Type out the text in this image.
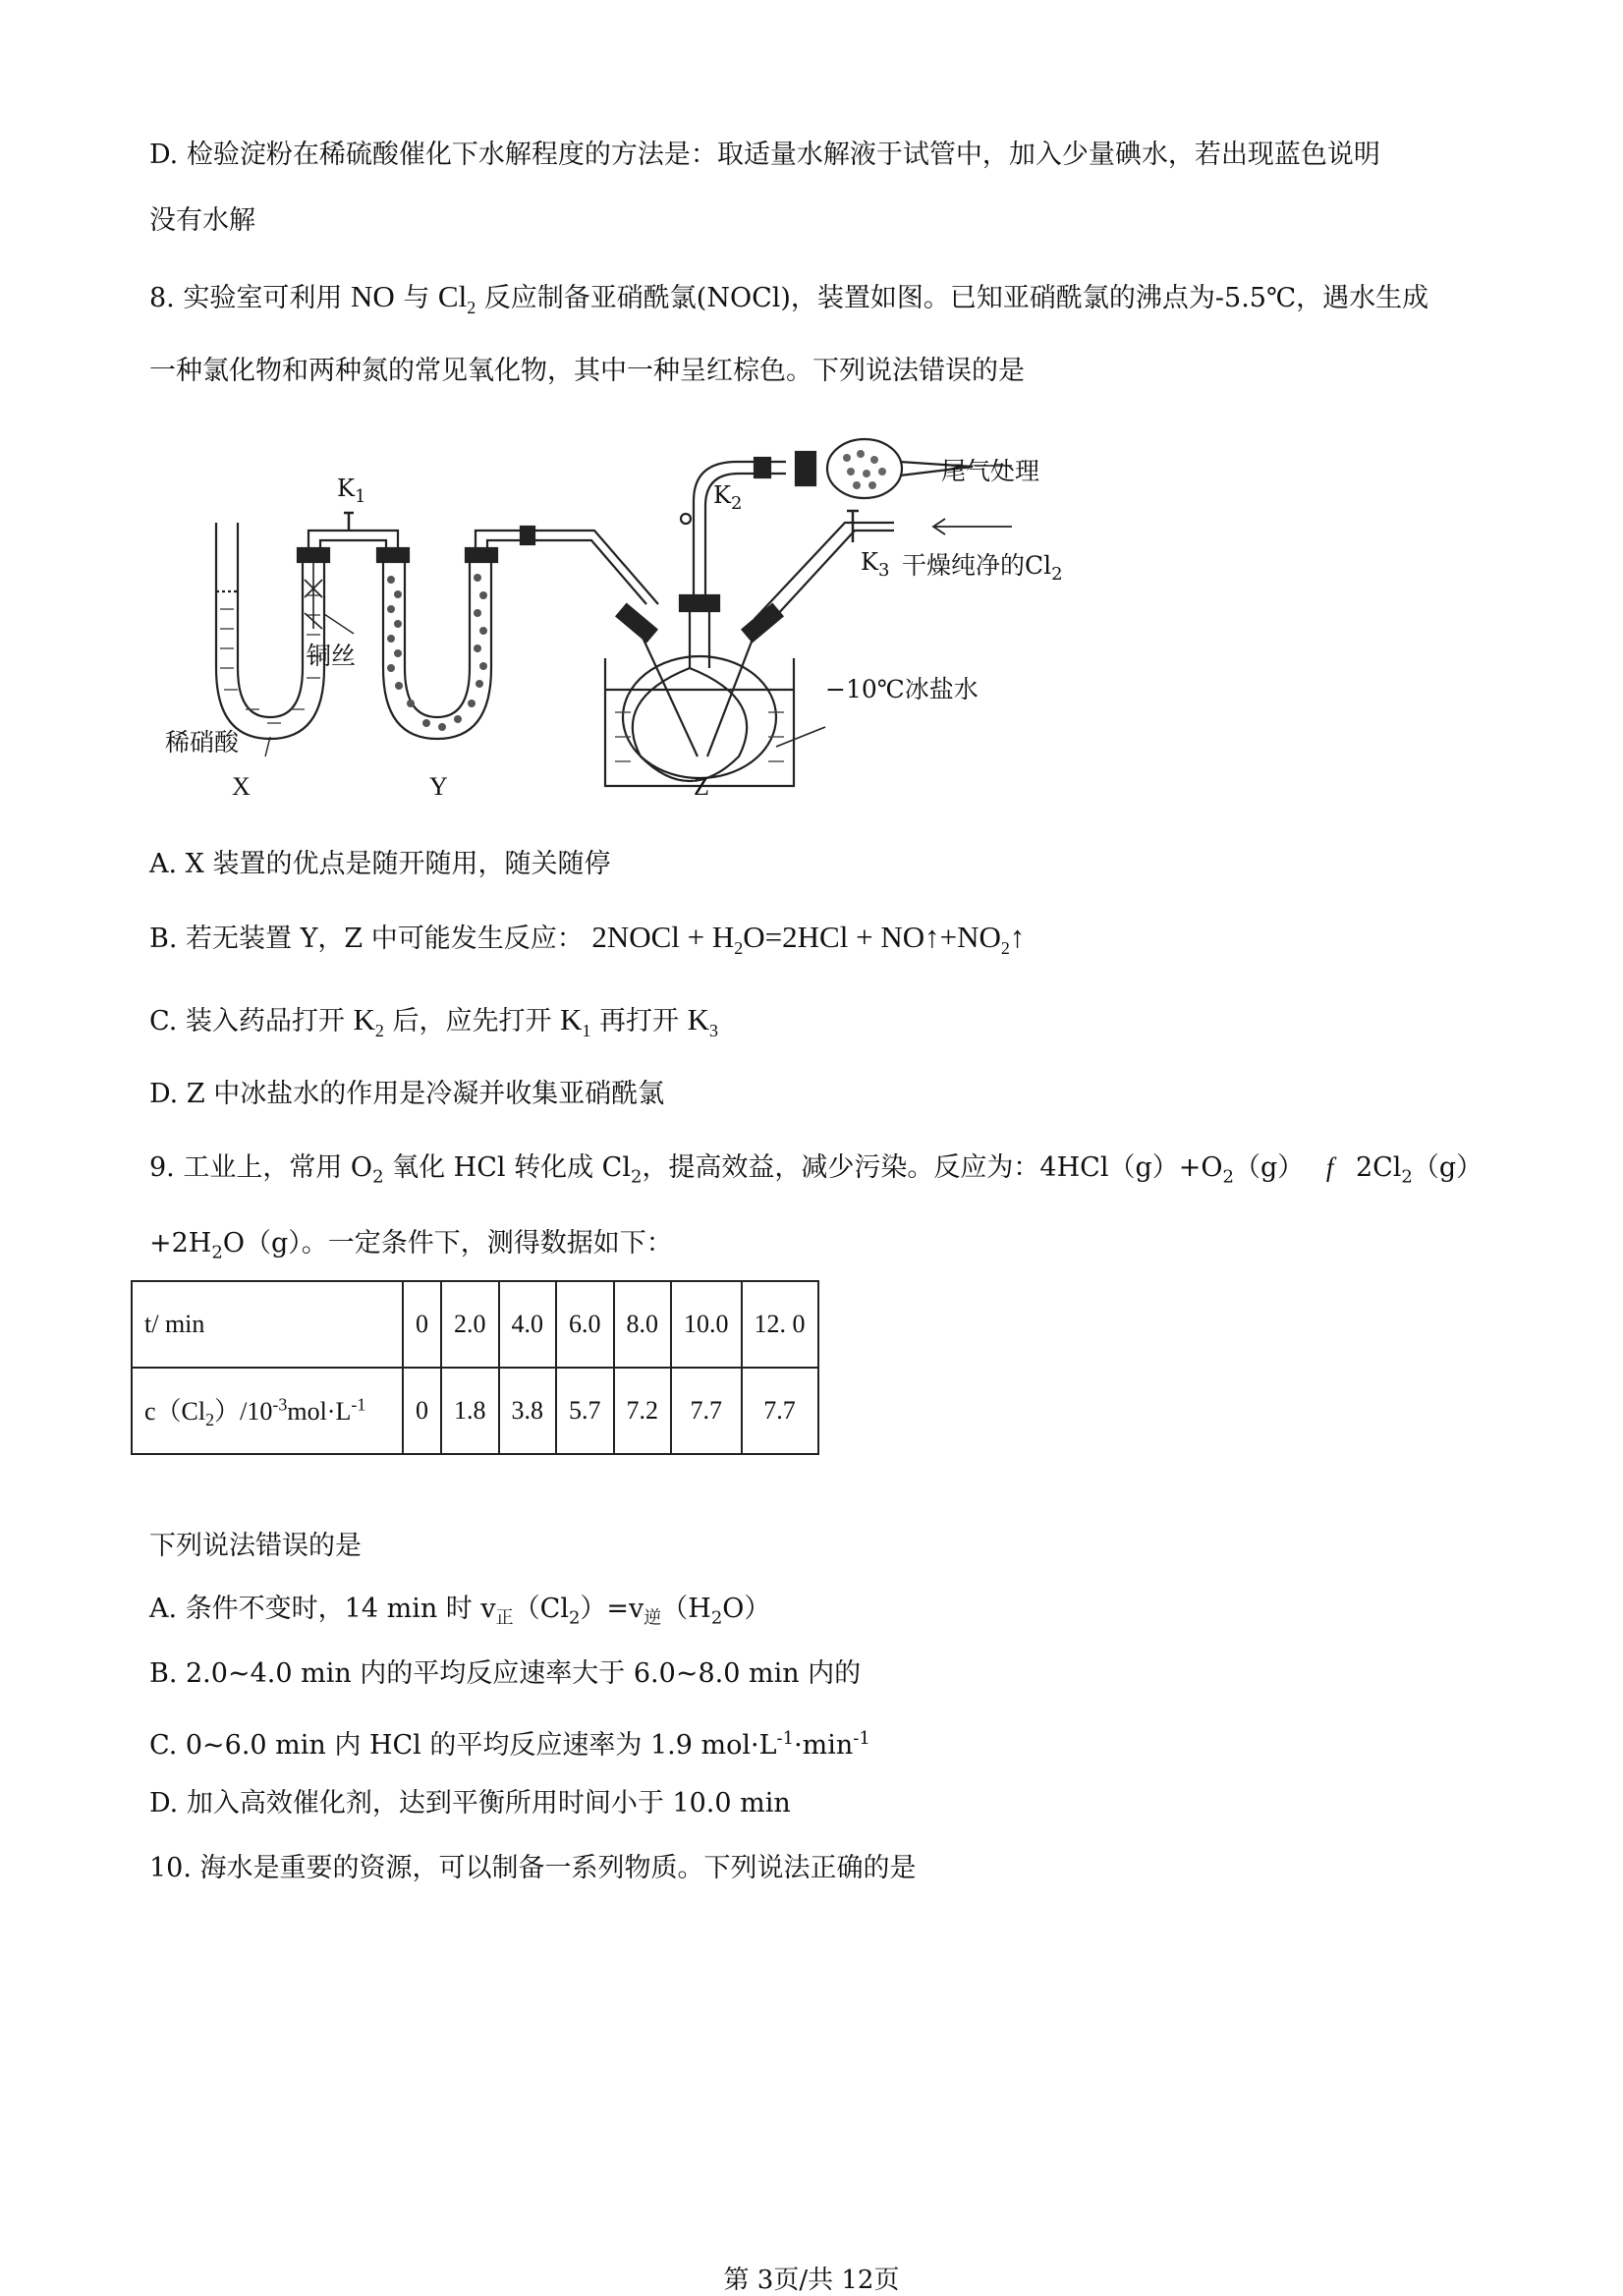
D. 检验淀粉在稀硫酸催化下水解程度的方法是：取适量水解液于试管中，加入少量碘水，若出现蓝色说明
没有水解
8. 实验室可利用 NO 与 $Cl_2$ 反应制备亚硝酰氯(NOCl)，装置如图。已知亚硝酰氯的沸点为-5.5℃，遇水生成
一种氯化物和两种氮的常见氧化物，其中一种呈红棕色。下列说法错误的是
$K_1$	$K_2$
$K_3$
尾气处理
干燥纯净的$Cl_2$
铜丝
−10℃冰盐水
稀硝酸
X	Y	Z
A. X 装置的优点是随开随用，随关随停
B. 若无装置 Y，Z 中可能发生反应： 2NOCl + $H_2O=2HCl$ + $NO↑+NO_2↑$
C. 装入药品打开 $K_2$ 后，应先打开 $K_1$ 再打开 $K_3$
D. Z 中冰盐水的作用是冷凝并收集亚硝酰氯
9. 工业上，常用 $O_2$ 氧化 HCl 转化成 $Cl_2$，提高效益，减少污染。反应为：$4HCl(g)+O_2(g)$ f $2Cl_2(g)$
$+2H_2O(g)$。一定条件下，测得数据如下：
t/ min	0	2.0	4.0	6.0	8.0	10.0	12. 0
$c(Cl_2)/10^{-3}mol\cdot L^{-1}$	0	1.8	3.8	5.7	7.2	7.7	7.7
下列说法错误的是
A. 条件不变时，14 min 时 $v_正(Cl_2)=v_逆(H_2O)$
B. 2.0~4.0 min 内的平均反应速率大于 6.0~8.0 min 内的
C. 0~6.0 min 内 HCl 的平均反应速率为 1.9 $mol\cdot L^{-1}\cdot\min^{-1}$
D. 加入高效催化剂，达到平衡所用时间小于 10.0 min
10. 海水是重要的资源，可以制备一系列物质。下列说法正确的是
第 3页/共 12页
